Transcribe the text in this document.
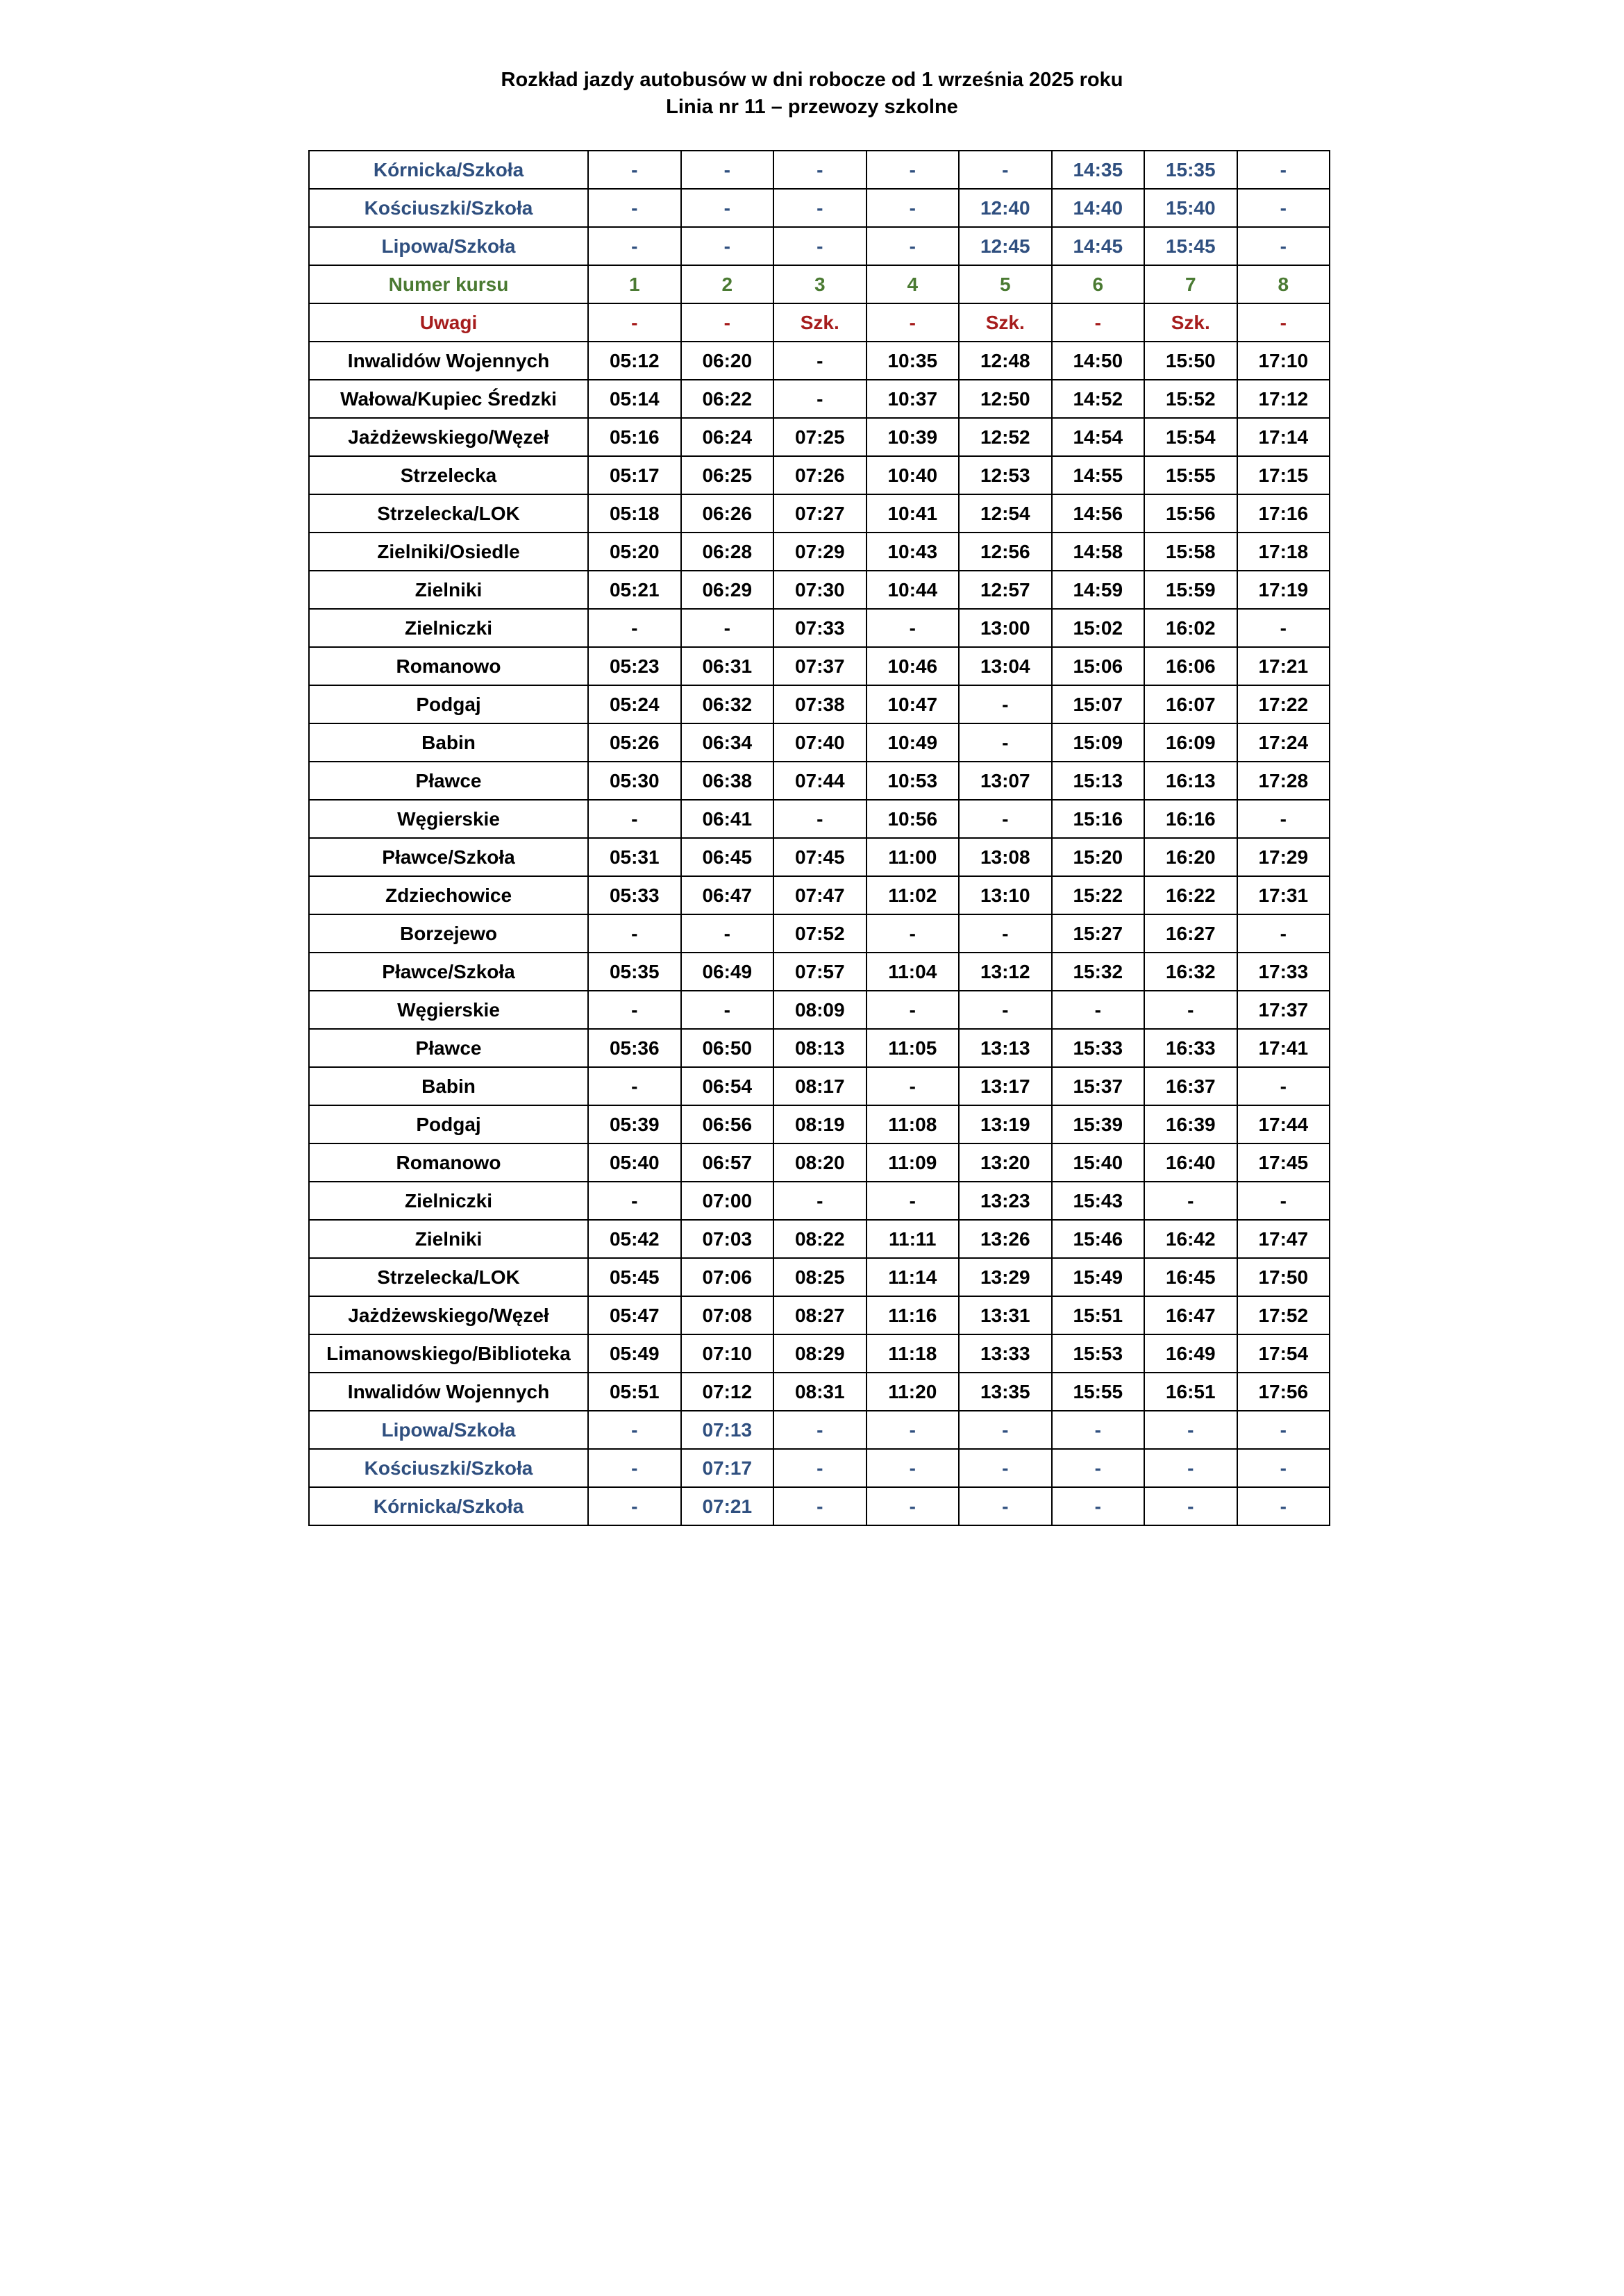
Rozkład jazdy autobusów w dni robocze od 1 września 2025 roku
Linia nr 11 – przewozy szkolne
Kórnicka/Szkoła	-	-	-	-	-	14:35	15:35	-
Kościuszki/Szkoła	-	-	-	-	12:40	14:40	15:40	-
Lipowa/Szkoła	-	-	-	-	12:45	14:45	15:45	-
Numer kursu	1	2	3	4	5	6	7	8
Uwagi	-	-	Szk.	-	Szk.	-	Szk.	-
Inwalidów Wojennych	05:12	06:20	-	10:35	12:48	14:50	15:50	17:10
Wałowa/Kupiec Średzki	05:14	06:22	-	10:37	12:50	14:52	15:52	17:12
Jażdżewskiego/Węzeł	05:16	06:24	07:25	10:39	12:52	14:54	15:54	17:14
Strzelecka	05:17	06:25	07:26	10:40	12:53	14:55	15:55	17:15
Strzelecka/LOK	05:18	06:26	07:27	10:41	12:54	14:56	15:56	17:16
Zielniki/Osiedle	05:20	06:28	07:29	10:43	12:56	14:58	15:58	17:18
Zielniki	05:21	06:29	07:30	10:44	12:57	14:59	15:59	17:19
Zielniczki	-	-	07:33	-	13:00	15:02	16:02	-
Romanowo	05:23	06:31	07:37	10:46	13:04	15:06	16:06	17:21
Podgaj	05:24	06:32	07:38	10:47	-	15:07	16:07	17:22
Babin	05:26	06:34	07:40	10:49	-	15:09	16:09	17:24
Pławce	05:30	06:38	07:44	10:53	13:07	15:13	16:13	17:28
Węgierskie	-	06:41	-	10:56	-	15:16	16:16	-
Pławce/Szkoła	05:31	06:45	07:45	11:00	13:08	15:20	16:20	17:29
Zdziechowice	05:33	06:47	07:47	11:02	13:10	15:22	16:22	17:31
Borzejewo	-	-	07:52	-	-	15:27	16:27	-
Pławce/Szkoła	05:35	06:49	07:57	11:04	13:12	15:32	16:32	17:33
Węgierskie	-	-	08:09	-	-	-	-	17:37
Pławce	05:36	06:50	08:13	11:05	13:13	15:33	16:33	17:41
Babin	-	06:54	08:17	-	13:17	15:37	16:37	-
Podgaj	05:39	06:56	08:19	11:08	13:19	15:39	16:39	17:44
Romanowo	05:40	06:57	08:20	11:09	13:20	15:40	16:40	17:45
Zielniczki	-	07:00	-	-	13:23	15:43	-	-
Zielniki	05:42	07:03	08:22	11:11	13:26	15:46	16:42	17:47
Strzelecka/LOK	05:45	07:06	08:25	11:14	13:29	15:49	16:45	17:50
Jażdżewskiego/Węzeł	05:47	07:08	08:27	11:16	13:31	15:51	16:47	17:52
Limanowskiego/Biblioteka	05:49	07:10	08:29	11:18	13:33	15:53	16:49	17:54
Inwalidów Wojennych	05:51	07:12	08:31	11:20	13:35	15:55	16:51	17:56
Lipowa/Szkoła	-	07:13	-	-	-	-	-	-
Kościuszki/Szkoła	-	07:17	-	-	-	-	-	-
Kórnicka/Szkoła	-	07:21	-	-	-	-	-	-
